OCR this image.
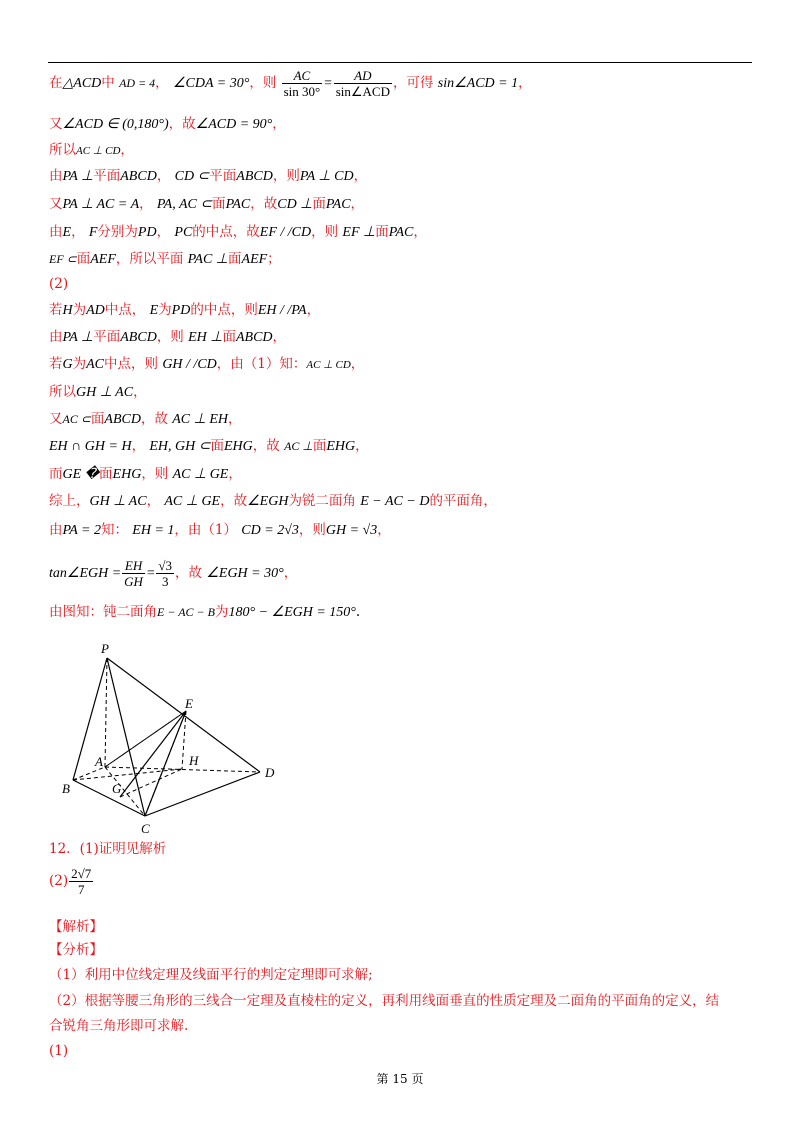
在△ACD中 AD = 4， ∠CDA = 30°，则 $\frac{AC}{\sin 30^\circ} = \frac{AD}{\text{sin∠ACD}}$ ，可得 sin∠ACD = 1，
又∠ACD ∈ (0,180°)，故∠ACD = 90°，
所以AC ⊥ CD，
由PA ⊥平面ABCD， CD ⊂平面ABCD，则PA ⊥ CD，
又PA ⊥ AC = A， PA, AC ⊂面PAC，故CD ⊥面PAC，
由E， F分别为PD， PC的中点，故EF / /CD，则 EF ⊥面PAC，
EF ⊂面AEF，所以平面 PAC ⊥面AEF；
(2)
若H为AD中点， E为PD的中点，则EH / /PA，
由PA ⊥平面ABCD，则 EH ⊥面ABCD，
若G为AC中点，则 GH / /CD，由（1）知：AC ⊥ CD，
所以GH ⊥ AC，
又AC ⊂面ABCD，故 AC ⊥ EH，
EH ∩ GH = H， EH, GH ⊂面EHG，故 AC ⊥面EHG，
而GE �面EHG，则 AC ⊥ GE，
综上，GH ⊥ AC， AC ⊥ GE，故∠EGH为锐二面角 E − AC − D的平面角，
由PA = 2知： EH = 1，由（1） CD = 2√3，则GH = √3，
tan∠EGH = $\frac{EH}{GH} = \frac{√3}{3}$ ，故 ∠EGH = 30°，
由图知：钝二面角E − AC − B为180° − ∠EGH = 150°.
P
E
A	H
D
B	G
C
12．(1)证明见解析
$(2) \frac{2√7}{7}$
【解析】
【分析】
（1）利用中位线定理及线面平行的判定定理即可求解;
（2）根据等腰三角形的三线合一定理及直棱柱的定义，再利用线面垂直的性质定理及二面角的平面角的定义，结
合锐角三角形即可求解.
(1)
第 15 页
